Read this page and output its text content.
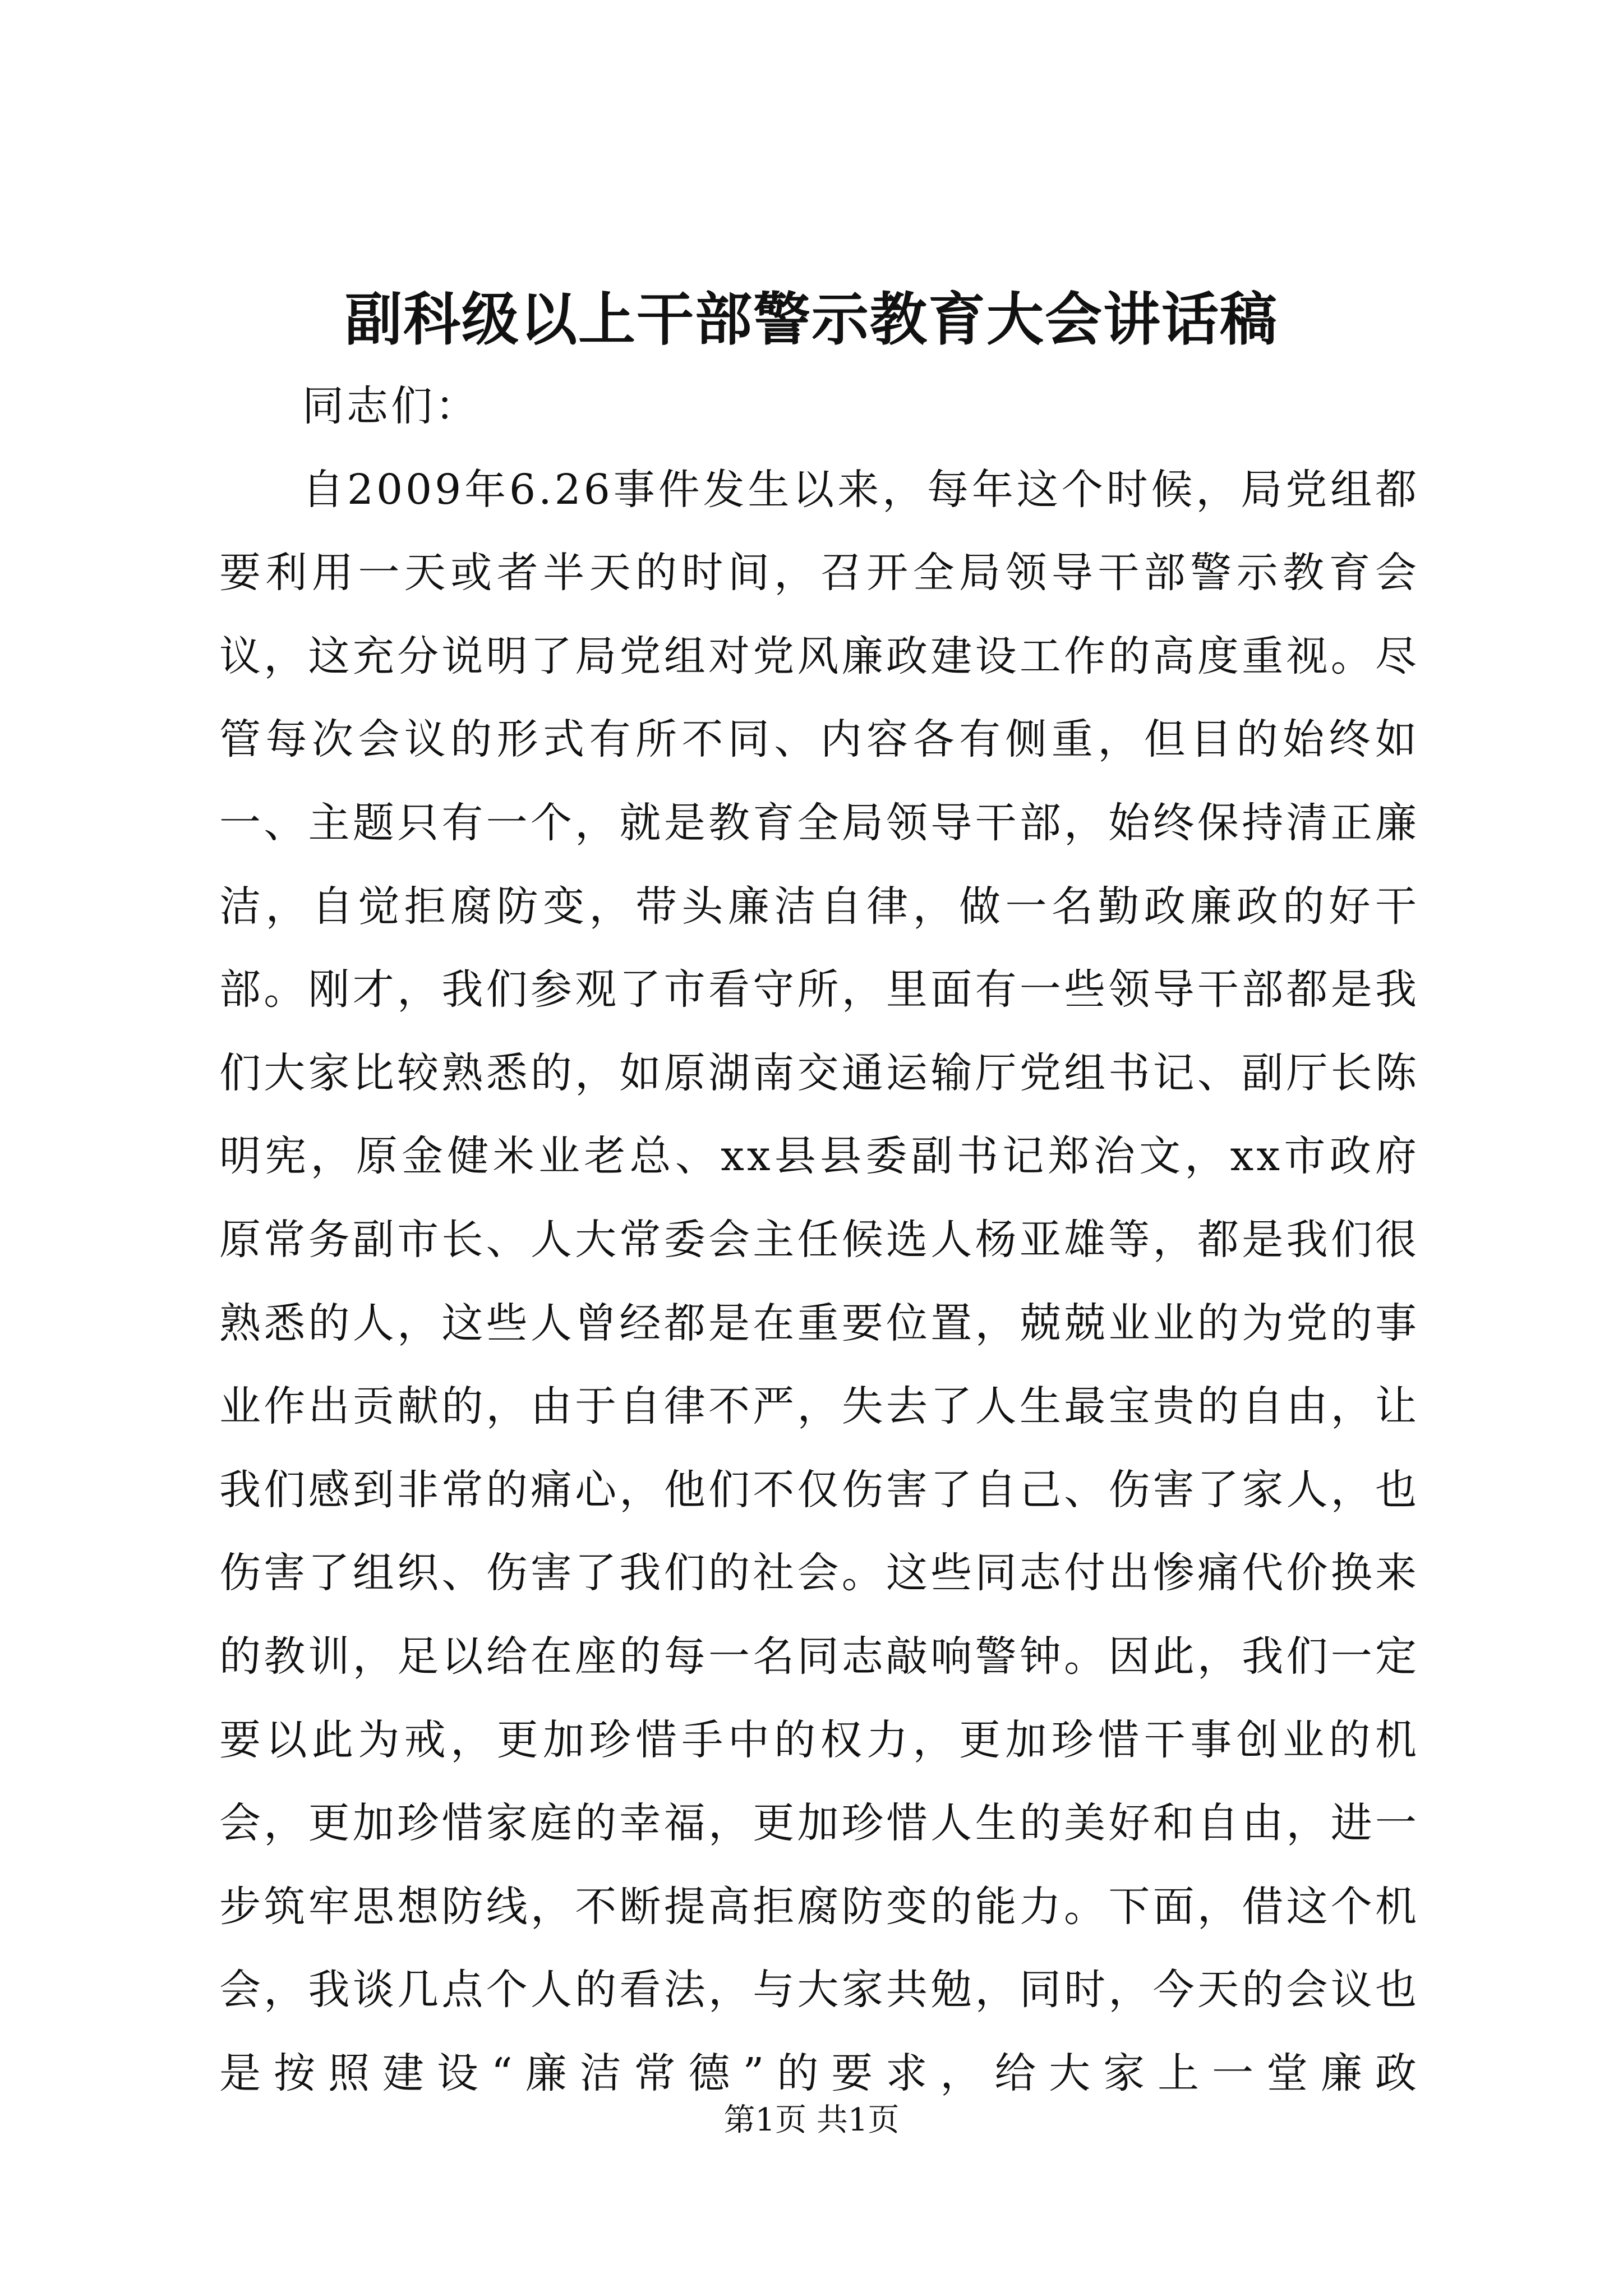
副科级以上干部警示教育大会讲话稿

同志们：

自2009年6.26事件发生以来，每年这个时候，局党组都要利用一天或者半天的时间，召开全局领导干部警示教育会议，这充分说明了局党组对党风廉政建设工作的高度重视。尽管每次会议的形式有所不同、内容各有侧重，但目的始终如一、主题只有一个，就是教育全局领导干部，始终保持清正廉洁，自觉拒腐防变，带头廉洁自律，做一名勤政廉政的好干部。刚才，我们参观了市看守所，里面有一些领导干部都是我们大家比较熟悉的，如原湖南交通运输厅党组书记、副厅长陈明宪，原金健米业老总、xx县县委副书记郑治文，xx市政府原常务副市长、人大常委会主任候选人杨亚雄等，都是我们很熟悉的人，这些人曾经都是在重要位置，兢兢业业的为党的事业作出贡献的，由于自律不严，失去了人生最宝贵的自由，让我们感到非常的痛心，他们不仅伤害了自己、伤害了家人，也伤害了组织、伤害了我们的社会。这些同志付出惨痛代价换来的教训，足以给在座的每一名同志敲响警钟。因此，我们一定要以此为戒，更加珍惜手中的权力，更加珍惜干事创业的机会，更加珍惜家庭的幸福，更加珍惜人生的美好和自由，进一步筑牢思想防线，不断提高拒腐防变的能力。下面，借这个机会，我谈几点个人的看法，与大家共勉，同时，今天的会议也是按照建设“廉洁常德”的要求，给大家上一堂廉政

第1页 共1页
